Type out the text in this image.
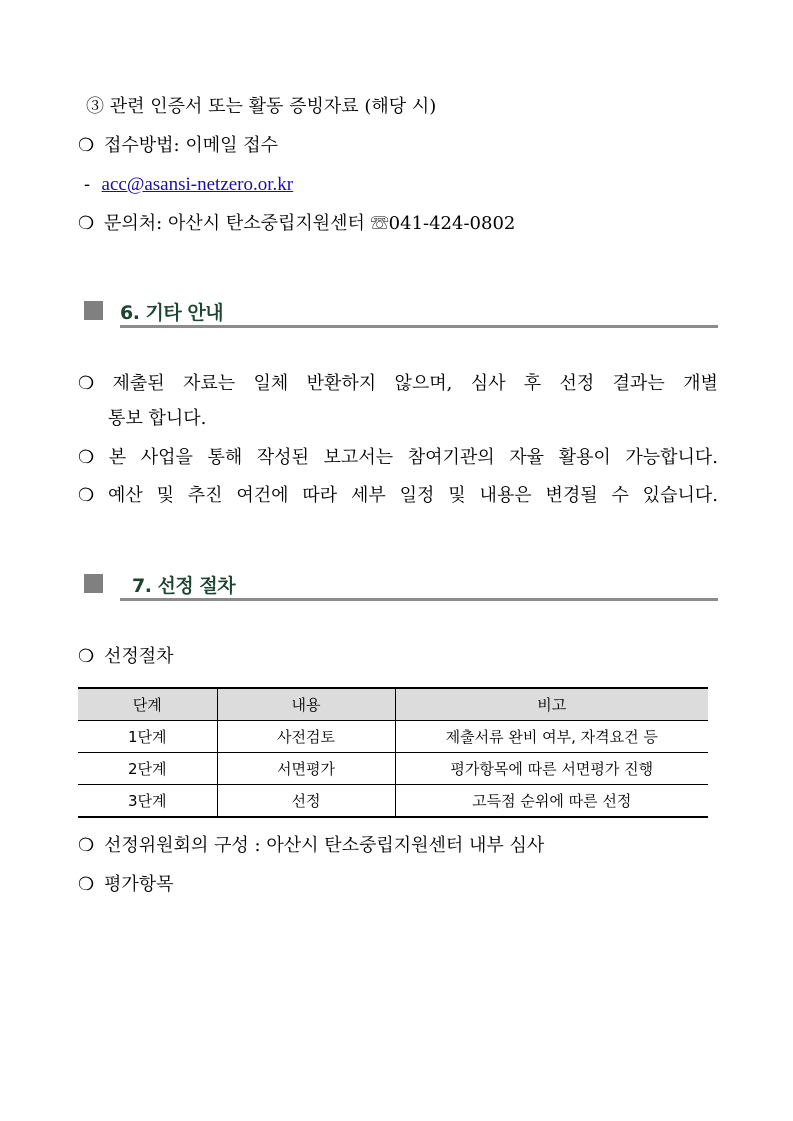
③ 관련 인증서 또는 활동 증빙자료 (해당 시)
❍ 접수방법: 이메일 접수
- acc@asansi-netzero.or.kr
❍ 문의처: 아산시 탄소중립지원센터 ☏041-424-0802
6. 기타 안내
❍ 제출된 자료는 일체 반환하지 않으며, 심사 후 선정 결과는 개별
통보 합니다.
❍ 본 사업을 통해 작성된 보고서는 참여기관의 자율 활용이 가능합니다.
❍ 예산 및 추진 여건에 따라 세부 일정 및 내용은 변경될 수 있습니다.
7. 선정 절차
❍ 선정절차
단계	내용	비고
1단계	사전검토	제출서류 완비 여부, 자격요건 등
2단계	서면평가	평가항목에 따른 서면평가 진행
3단계	선정	고득점 순위에 따른 선정
❍ 선정위원회의 구성 : 아산시 탄소중립지원센터 내부 심사
❍ 평가항목
